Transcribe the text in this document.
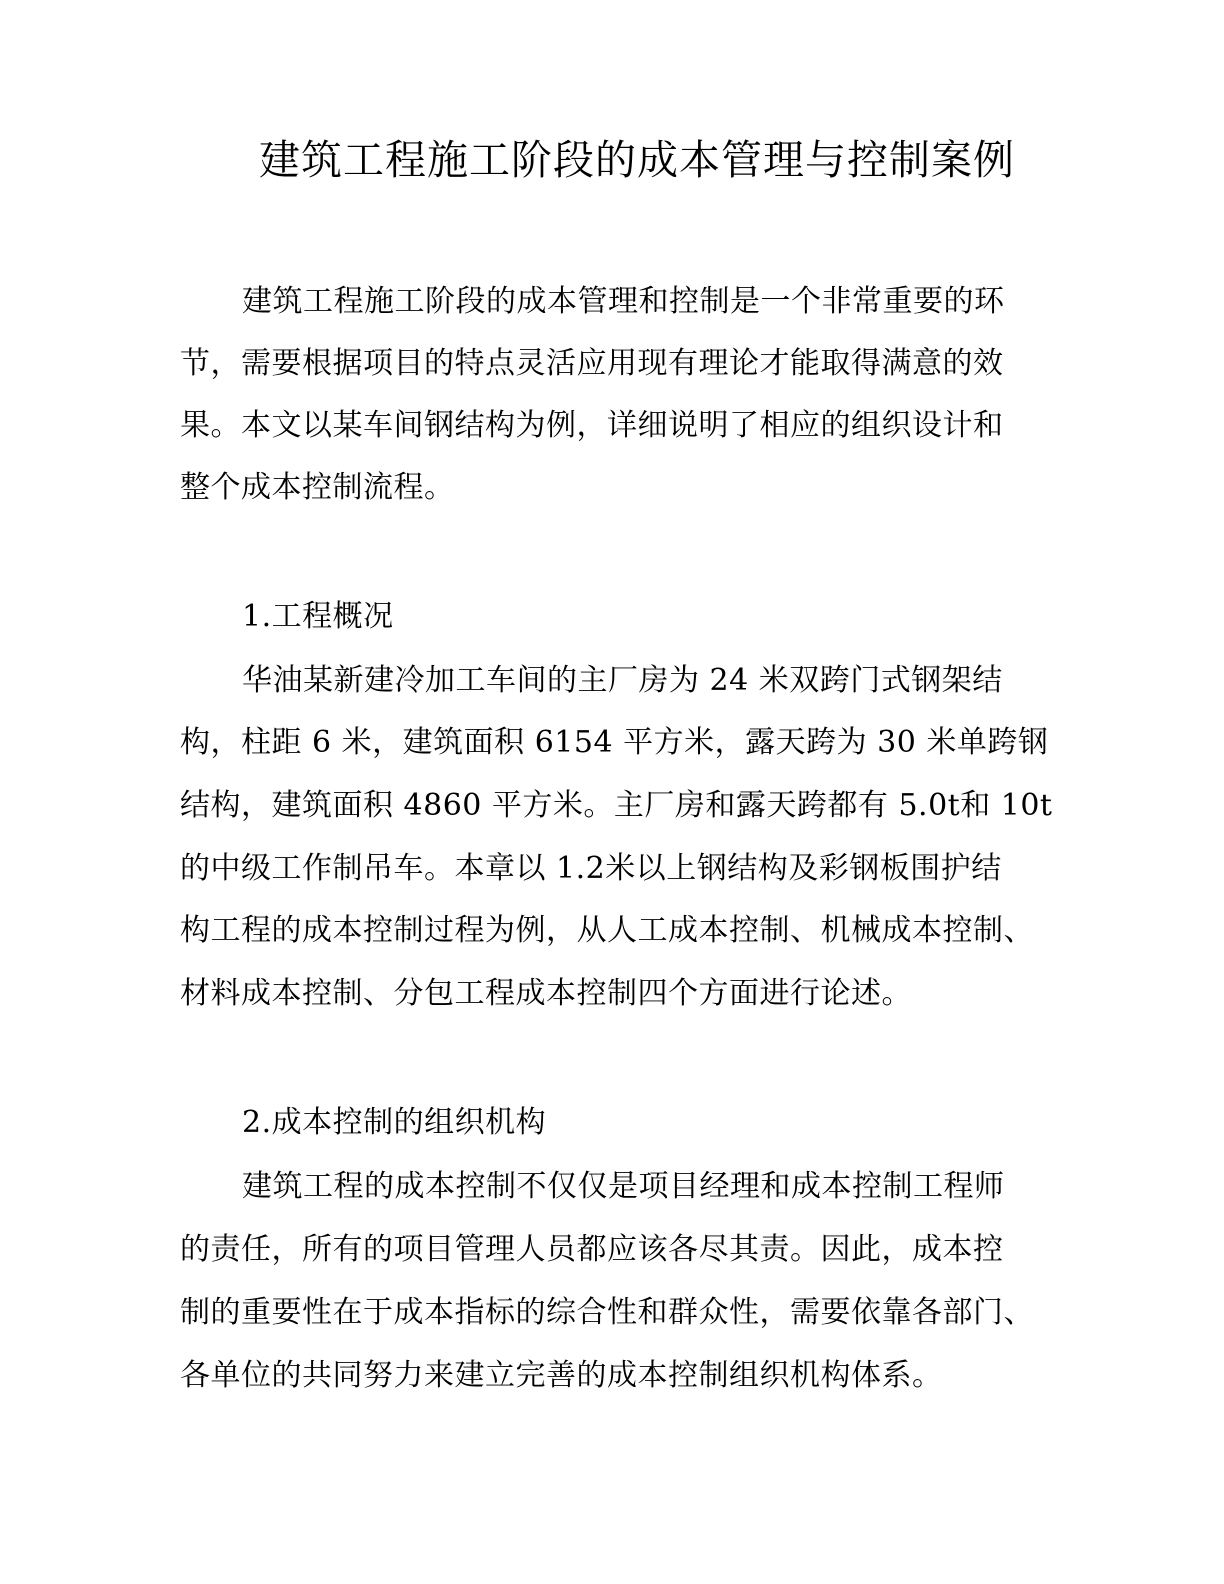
建筑工程施工阶段的成本管理与控制案例

建筑工程施工阶段的成本管理和控制是一个非常重要的环

节，需要根据项目的特点灵活应用现有理论才能取得满意的效

果。本文以某车间钢结构为例，详细说明了相应的组织设计和

整个成本控制流程。

1.工程概况

华油某新建冷加工车间的主厂房为 24 米双跨门式钢架结

构，柱距 6 米，建筑面积 6154 平方米，露天跨为 30 米单跨钢

结构，建筑面积 4860 平方米。主厂房和露天跨都有 5.0t和 10t

的中级工作制吊车。本章以 1.2米以上钢结构及彩钢板围护结

构工程的成本控制过程为例，从人工成本控制、机械成本控制、

材料成本控制、分包工程成本控制四个方面进行论述。

2.成本控制的组织机构

建筑工程的成本控制不仅仅是项目经理和成本控制工程师

的责任，所有的项目管理人员都应该各尽其责。因此，成本控

制的重要性在于成本指标的综合性和群众性，需要依靠各部门、

各单位的共同努力来建立完善的成本控制组织机构体系。
